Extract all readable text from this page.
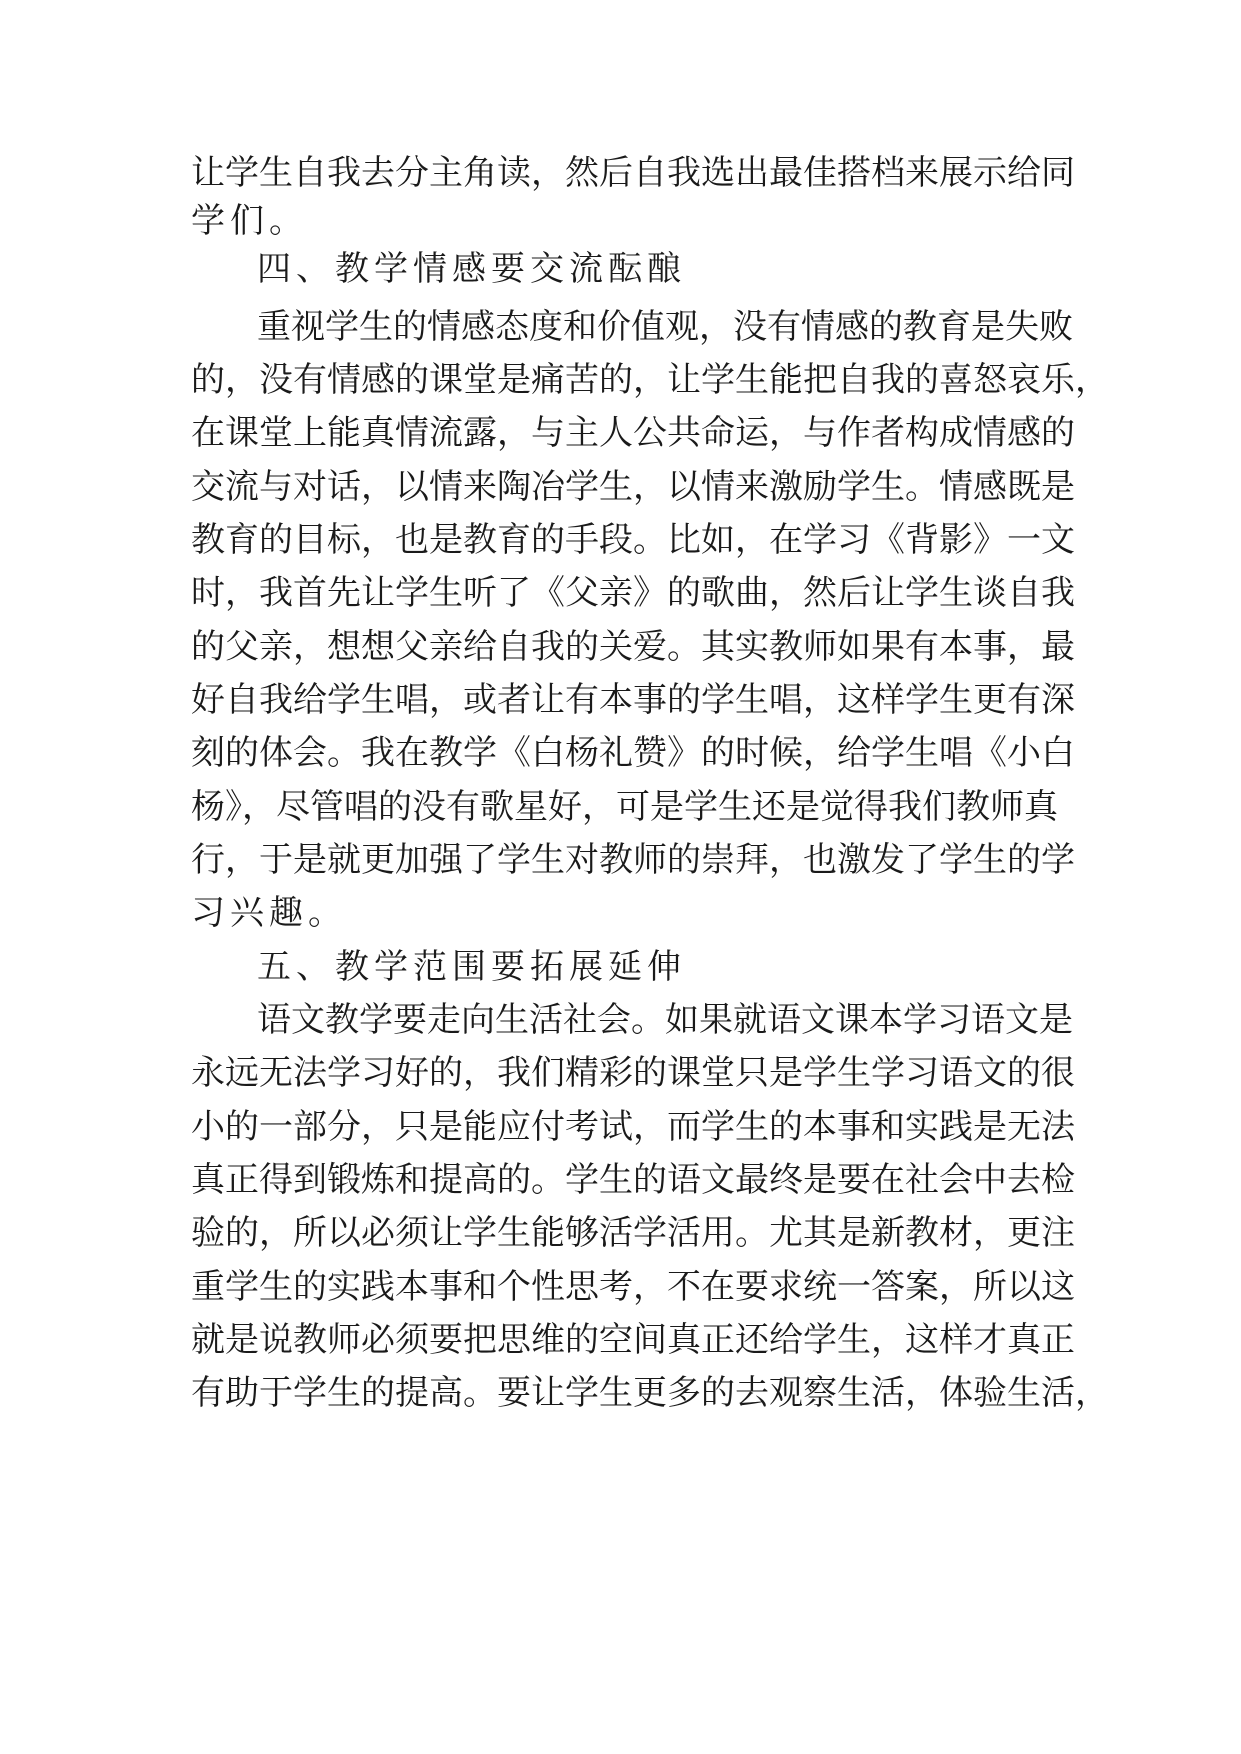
让学生自我去分主角读，然后自我选出最佳搭档来展示给同
学们。
四、教学情感要交流酝酿
重视学生的情感态度和价值观，没有情感的教育是失败
的，没有情感的课堂是痛苦的，让学生能把自我的喜怒哀乐，
在课堂上能真情流露，与主人公共命运，与作者构成情感的
交流与对话，以情来陶冶学生，以情来激励学生。情感既是
教育的目标，也是教育的手段。比如，在学习《背影》一文
时，我首先让学生听了《父亲》的歌曲，然后让学生谈自我
的父亲，想想父亲给自我的关爱。其实教师如果有本事，最
好自我给学生唱，或者让有本事的学生唱，这样学生更有深
刻的体会。我在教学《白杨礼赞》的时候，给学生唱《小白
杨》，尽管唱的没有歌星好，可是学生还是觉得我们教师真
行，于是就更加强了学生对教师的崇拜，也激发了学生的学
习兴趣。
五、教学范围要拓展延伸
语文教学要走向生活社会。如果就语文课本学习语文是
永远无法学习好的，我们精彩的课堂只是学生学习语文的很
小的一部分，只是能应付考试，而学生的本事和实践是无法
真正得到锻炼和提高的。学生的语文最终是要在社会中去检
验的，所以必须让学生能够活学活用。尤其是新教材，更注
重学生的实践本事和个性思考，不在要求统一答案，所以这
就是说教师必须要把思维的空间真正还给学生，这样才真正
有助于学生的提高。要让学生更多的去观察生活，体验生活，
